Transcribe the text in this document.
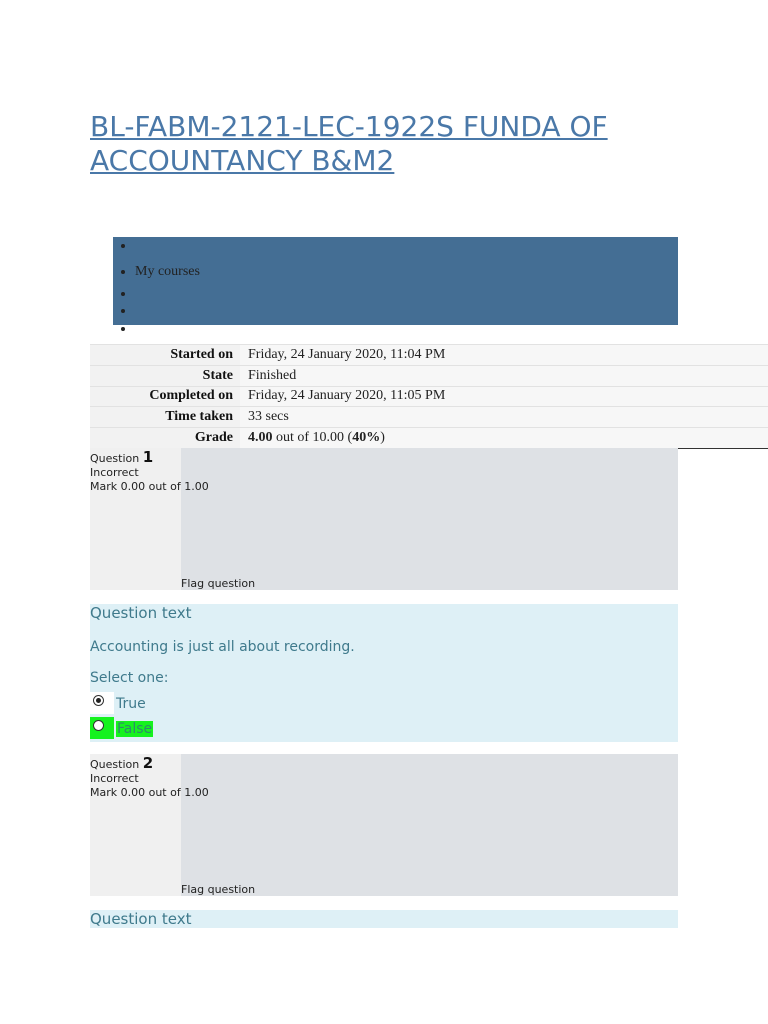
BL-FABM-2121-LEC-1922S FUNDA OF ACCOUNTANCY B&M2
•
• My courses
•
•
•
Started on	Friday, 24 January 2020, 11:04 PM
State	Finished
Completed on	Friday, 24 January 2020, 11:05 PM
Time taken	33 secs
Grade	4.00 out of 10.00 (40%)
Question 1
Incorrect
Mark 0.00 out of 1.00
Flag question
Question text
Accounting is just all about recording.
Select one:
True
False
Question 2
Incorrect
Mark 0.00 out of 1.00
Flag question
Question text
